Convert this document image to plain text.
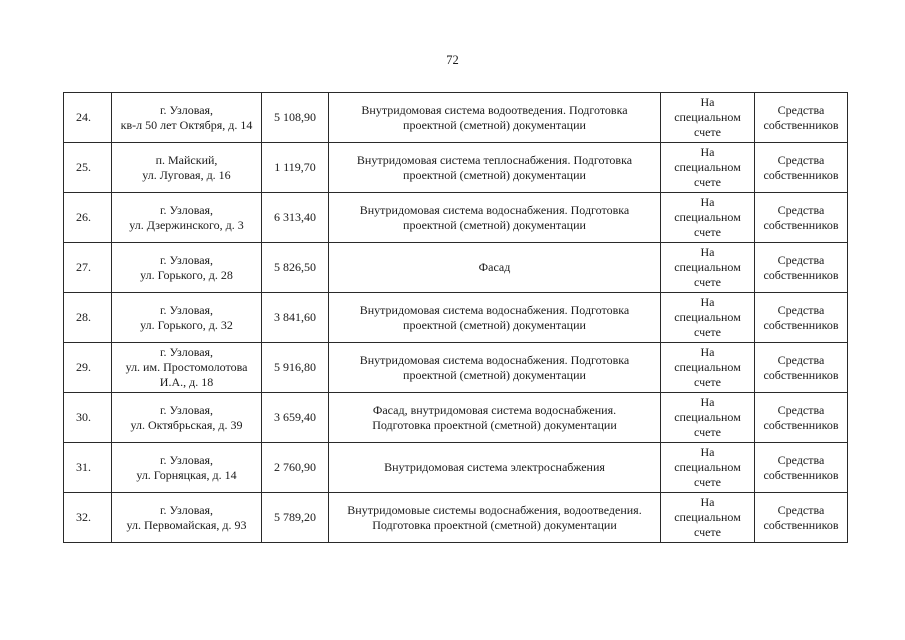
72
24.	г. Узловая,
кв-л 50 лет Октября, д. 14	5 108,90	Внутридомовая система водоотведения. Подготовка
проектной (сметной) документации	На
специальном
счете	Средства
собственников

25.	п. Майский,
ул. Луговая, д. 16	1 119,70	Внутридомовая система теплоснабжения. Подготовка
проектной (сметной) документации	На
специальном
счете	Средства
собственников

26.	г. Узловая,
ул. Дзержинского, д. 3	6 313,40	Внутридомовая система водоснабжения. Подготовка
проектной (сметной) документации	На
специальном
счете	Средства
собственников

27.	г. Узловая,
ул. Горького, д. 28	5 826,50	Фасад	На
специальном
счете	Средства
собственников

28.	г. Узловая,
ул. Горького, д. 32	3 841,60	Внутридомовая система водоснабжения. Подготовка
проектной (сметной) документации	На
специальном
счете	Средства
собственников

29.	г. Узловая,
ул. им. Простомолотова
И.А., д. 18	5 916,80	Внутридомовая система водоснабжения. Подготовка
проектной (сметной) документации	На
специальном
счете	Средства
собственников

30.	г. Узловая,
ул. Октябрьская, д. 39	3 659,40	Фасад, внутридомовая система водоснабжения.
Подготовка проектной (сметной) документации	На
специальном
счете	Средства
собственников

31.	г. Узловая,
ул. Горняцкая, д. 14	2 760,90	Внутридомовая система электроснабжения	На
специальном
счете	Средства
собственников

32.	г. Узловая,
ул. Первомайская, д. 93	5 789,20	Внутридомовые системы водоснабжения, водоотведения.
Подготовка проектной (сметной) документации	На
специальном
счете	Средства
собственников
